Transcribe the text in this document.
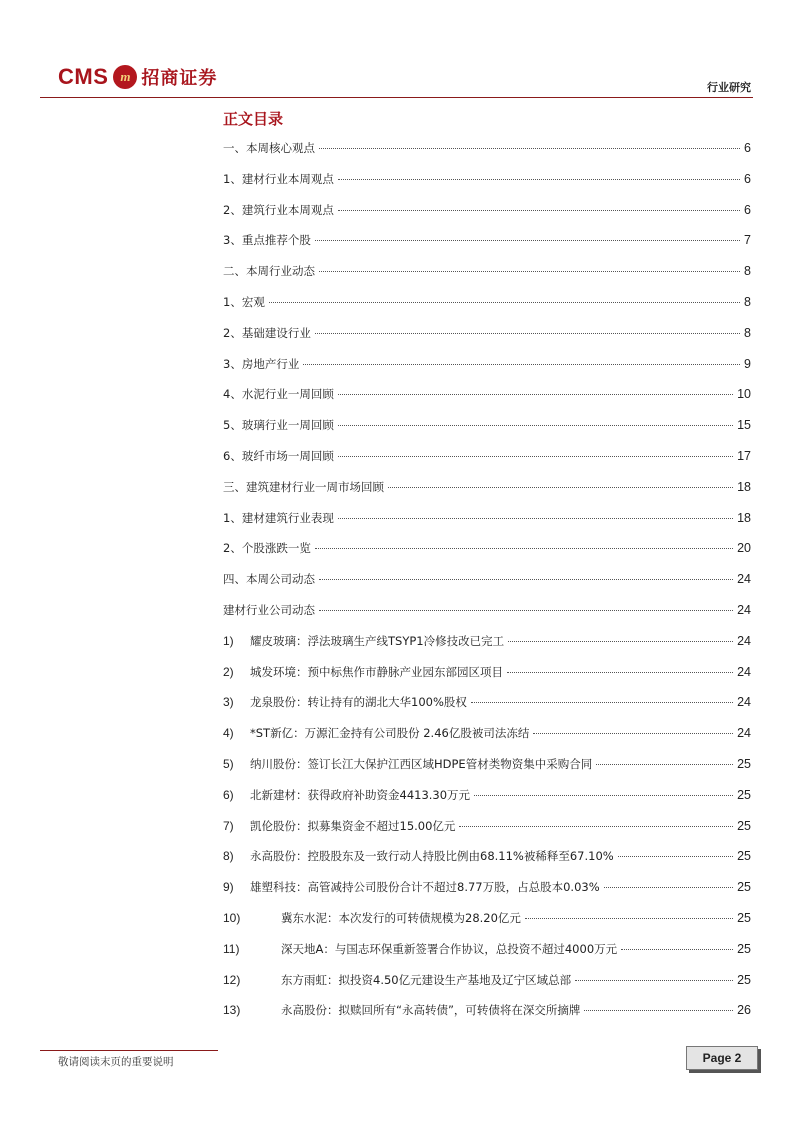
CMS m 招商证券	行业研究
正文目录
一、本周核心观点	6
1、建材行业本周观点	6
2、建筑行业本周观点	6
3、重点推荐个股	7
二、本周行业动态	8
1、宏观	8
2、基础建设行业	8
3、房地产行业	9
4、水泥行业一周回顾	10
5、玻璃行业一周回顾	15
6、玻纤市场一周回顾	17
三、建筑建材行业一周市场回顾	18
1、建材建筑行业表现	18
2、个股涨跌一览	20
四、本周公司动态	24
建材行业公司动态	24
1) 耀皮玻璃：浮法玻璃生产线TSYP1冷修技改已完工	24
2) 城发环境：预中标焦作市静脉产业园东部园区项目	24
3) 龙泉股份：转让持有的湖北大华100%股权	24
4) *ST新亿：万源汇金持有公司股份 2.46亿股被司法冻结	24
5) 纳川股份：签订长江大保护江西区域HDPE管材类物资集中采购合同	25
6) 北新建材：获得政府补助资金4413.30万元	25
7) 凯伦股份：拟募集资金不超过15.00亿元	25
8) 永高股份：控股股东及一致行动人持股比例由68.11%被稀释至67.10%	25
9) 雄塑科技：高管减持公司股份合计不超过8.77万股，占总股本0.03%	25
10)	冀东水泥：本次发行的可转债规模为28.20亿元	25
11)	深天地A：与国志环保重新签署合作协议，总投资不超过4000万元	25
12)	东方雨虹：拟投资4.50亿元建设生产基地及辽宁区域总部	25
13)	永高股份：拟赎回所有“永高转债”，可转债将在深交所摘牌	26
敬请阅读末页的重要说明	Page 2
